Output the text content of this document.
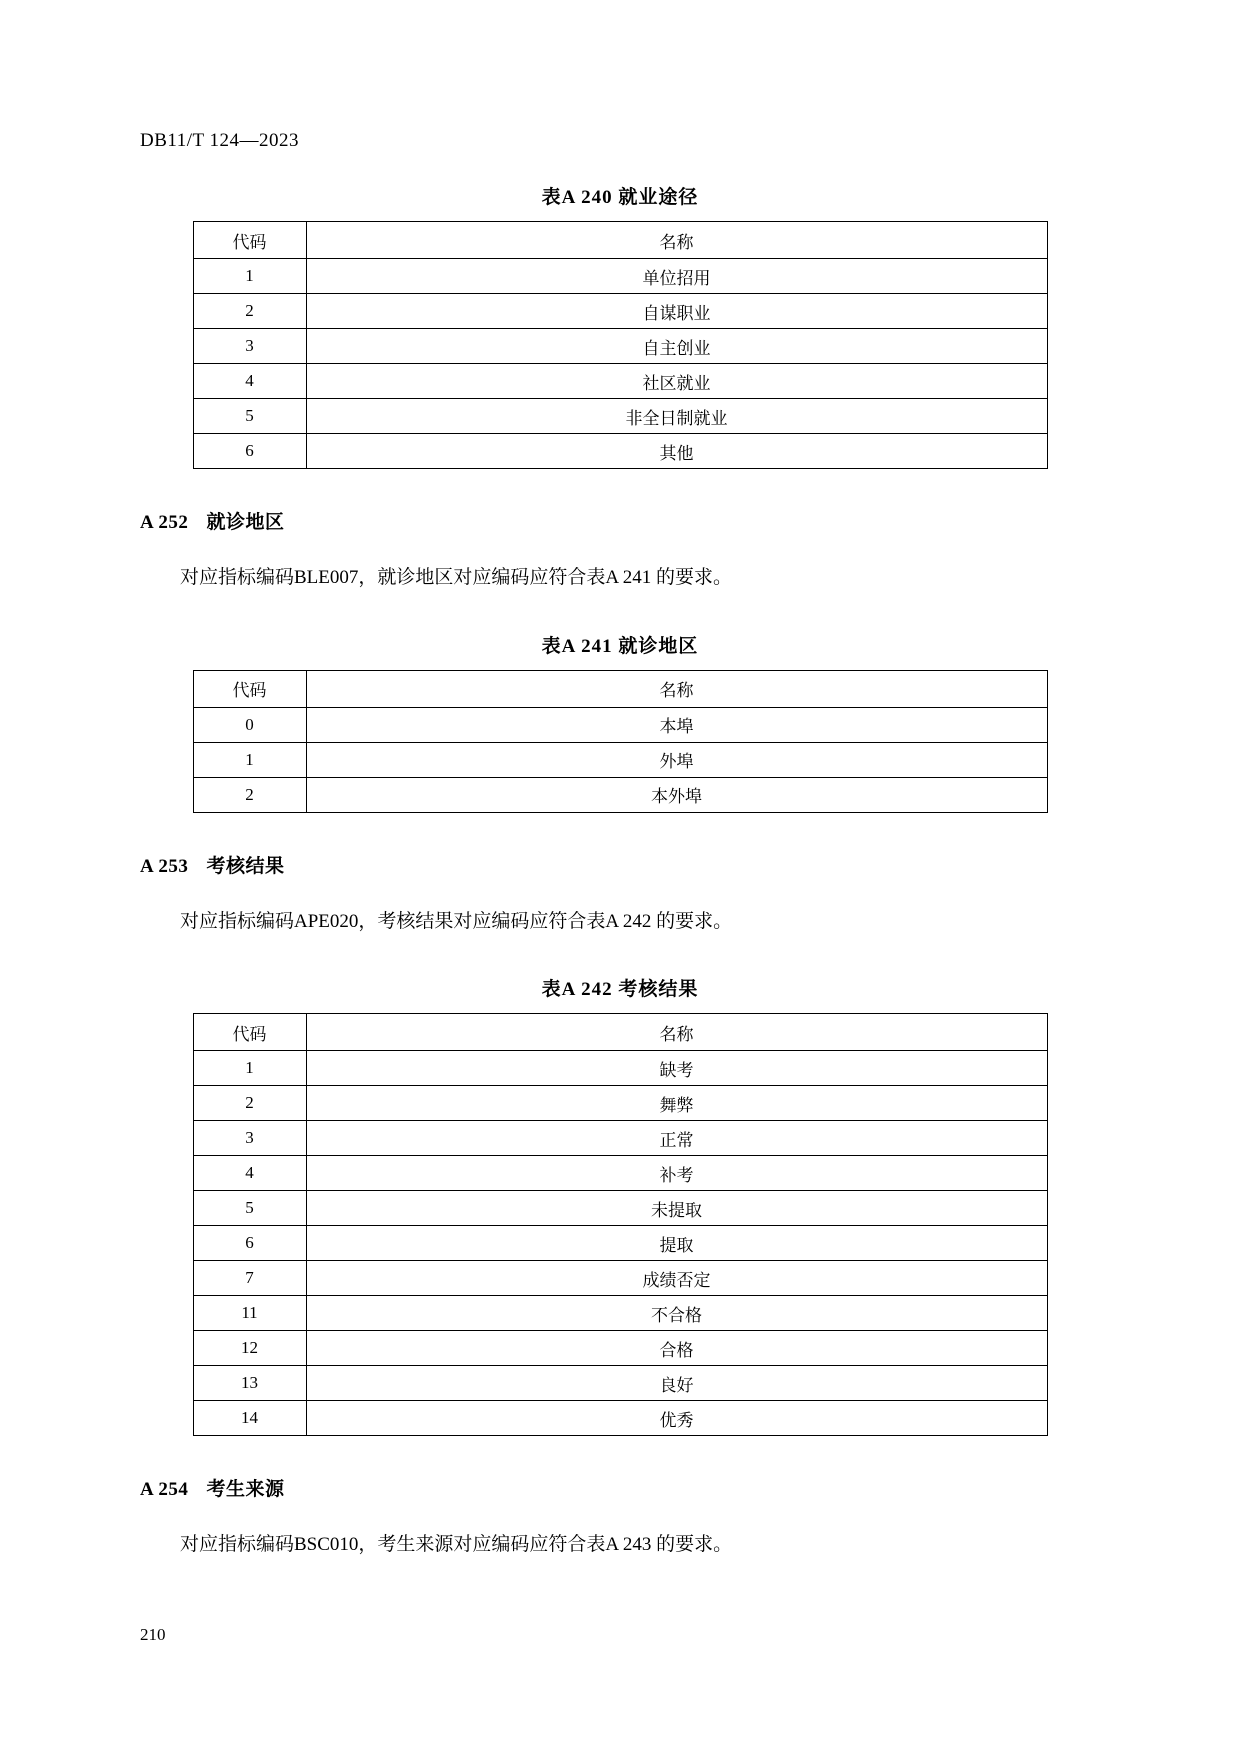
DB11/T 124—2023
表A 240 就业途径
代码	名称
1	单位招用
2	自谋职业
3	自主创业
4	社区就业
5	非全日制就业
6	其他
A 252 就诊地区

对应指标编码BLE007，就诊地区对应编码应符合表A 241 的要求。

表A 241 就诊地区
代码	名称
0	本埠
1	外埠
2	本外埠
A 253 考核结果

对应指标编码APE020，考核结果对应编码应符合表A 242 的要求。

表A 242 考核结果
代码	名称
1	缺考
2	舞弊
3	正常
4	补考
5	未提取
6	提取
7	成绩否定
11	不合格
12	合格
13	良好
14	优秀
A 254 考生来源

对应指标编码BSC010，考生来源对应编码应符合表A 243 的要求。

210
